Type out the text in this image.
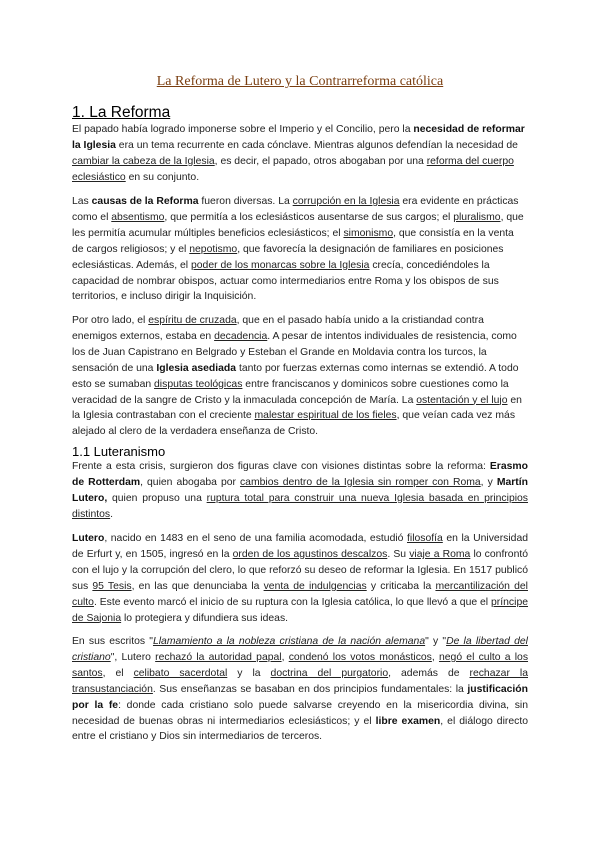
La Reforma de Lutero y la Contrarreforma católica
1. La Reforma

El papado había logrado imponerse sobre el Imperio y el Concilio, pero la necesidad de reformar la Iglesia era un tema recurrente en cada cónclave. Mientras algunos defendían la necesidad de cambiar la cabeza de la Iglesia, es decir, el papado, otros abogaban por una reforma del cuerpo eclesiástico en su conjunto.

Las causas de la Reforma fueron diversas. La corrupción en la Iglesia era evidente en prácticas como el absentismo, que permitía a los eclesiásticos ausentarse de sus cargos; el pluralismo, que les permitía acumular múltiples beneficios eclesiásticos; el simonismo, que consistía en la venta de cargos religiosos; y el nepotismo, que favorecía la designación de familiares en posiciones eclesiásticas. Además, el poder de los monarcas sobre la Iglesia crecía, concediéndoles la capacidad de nombrar obispos, actuar como intermediarios entre Roma y los obispos de sus territorios, e incluso dirigir la Inquisición.

Por otro lado, el espíritu de cruzada, que en el pasado había unido a la cristiandad contra enemigos externos, estaba en decadencia. A pesar de intentos individuales de resistencia, como los de Juan Capistrano en Belgrado y Esteban el Grande en Moldavia contra los turcos, la sensación de una Iglesia asediada tanto por fuerzas externas como internas se extendió. A todo esto se sumaban disputas teológicas entre franciscanos y dominicos sobre cuestiones como la veracidad de la sangre de Cristo y la inmaculada concepción de María. La ostentación y el lujo en la Iglesia contrastaban con el creciente malestar espiritual de los fieles, que veían cada vez más alejado al clero de la verdadera enseñanza de Cristo.

1.1 Luteranismo

Frente a esta crisis, surgieron dos figuras clave con visiones distintas sobre la reforma: Erasmo de Rotterdam, quien abogaba por cambios dentro de la Iglesia sin romper con Roma, y Martín Lutero, quien propuso una ruptura total para construir una nueva Iglesia basada en principios distintos.

Lutero, nacido en 1483 en el seno de una familia acomodada, estudió filosofía en la Universidad de Erfurt y, en 1505, ingresó en la orden de los agustinos descalzos. Su viaje a Roma lo confrontó con el lujo y la corrupción del clero, lo que reforzó su deseo de reformar la Iglesia. En 1517 publicó sus 95 Tesis, en las que denunciaba la venta de indulgencias y criticaba la mercantilización del culto. Este evento marcó el inicio de su ruptura con la Iglesia católica, lo que llevó a que el príncipe de Sajonia lo protegiera y difundiera sus ideas.

En sus escritos "Llamamiento a la nobleza cristiana de la nación alemana" y "De la libertad del cristiano", Lutero rechazó la autoridad papal, condenó los votos monásticos, negó el culto a los santos, el celibato sacerdotal y la doctrina del purgatorio, además de rechazar la transustanciación. Sus enseñanzas se basaban en dos principios fundamentales: la justificación por la fe: donde cada cristiano solo puede salvarse creyendo en la misericordia divina, sin necesidad de buenas obras ni intermediarios eclesiásticos; y el libre examen, el diálogo directo entre el cristiano y Dios sin intermediarios de terceros.
